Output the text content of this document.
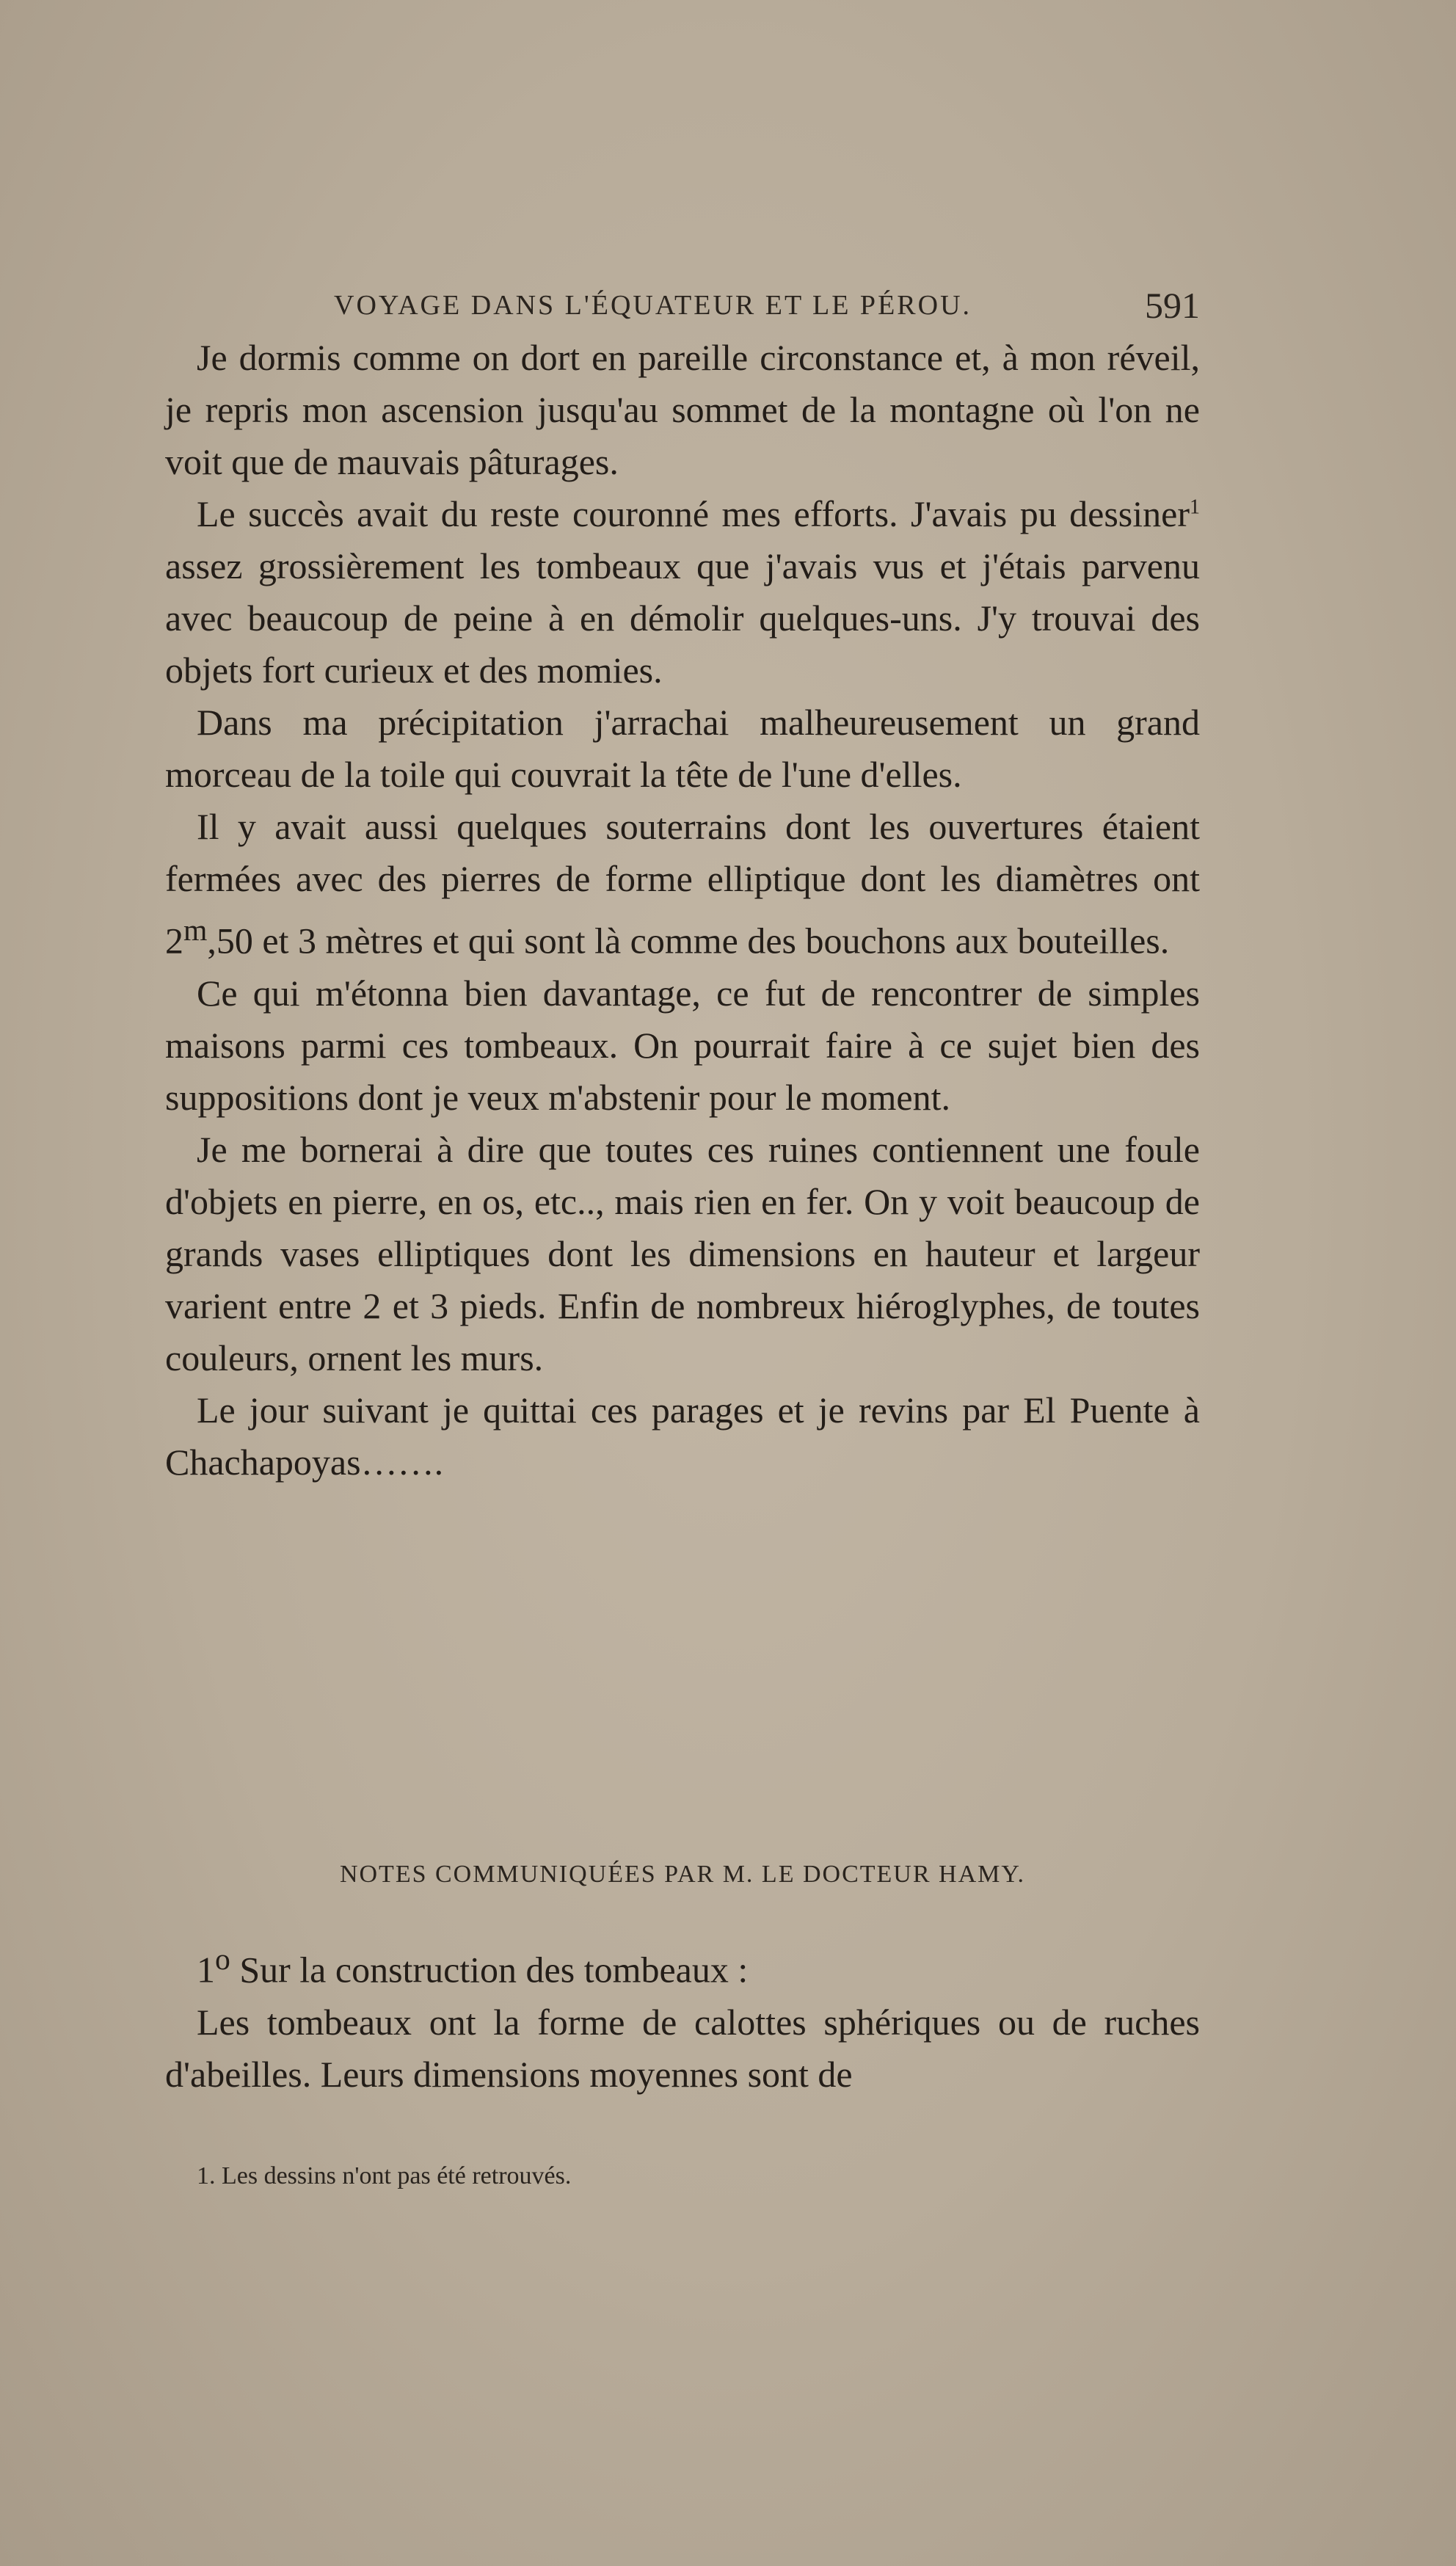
VOYAGE DANS L'ÉQUATEUR ET LE PÉROU.	591

Je dormis comme on dort en pareille circonstance et, à mon réveil, je repris mon ascension jusqu'au sommet de la montagne où l'on ne voit que de mauvais pâturages.

Le succès avait du reste couronné mes efforts. J'avais pu dessiner$^1$ assez grossièrement les tombeaux que j'avais vus et j'étais parvenu avec beaucoup de peine à en démolir quelques-uns. J'y trouvai des objets fort curieux et des momies.

Dans ma précipitation j'arrachai malheureusement un grand morceau de la toile qui couvrait la tête de l'une d'elles.

Il y avait aussi quelques souterrains dont les ouvertures étaient fermées avec des pierres de forme elliptique dont les diamètres ont 2$^m$,50 et 3 mètres et qui sont là comme des bouchons aux bouteilles.

Ce qui m'étonna bien davantage, ce fut de rencontrer de simples maisons parmi ces tombeaux. On pourrait faire à ce sujet bien des suppositions dont je veux m'abstenir pour le moment.

Je me bornerai à dire que toutes ces ruines contiennent une foule d'objets en pierre, en os, etc.., mais rien en fer. On y voit beaucoup de grands vases elliptiques dont les dimensions en hauteur et largeur varient entre 2 et 3 pieds. Enfin de nombreux hiéroglyphes, de toutes couleurs, ornent les murs.

Le jour suivant je quittai ces parages et je revins par El Puente à Chachapoyas…….

NOTES COMMUNIQUÉES PAR M. LE DOCTEUR HAMY.

1$^o$ Sur la construction des tombeaux :

Les tombeaux ont la forme de calottes sphériques ou de ruches d'abeilles. Leurs dimensions moyennes sont de

1. Les dessins n'ont pas été retrouvés.
